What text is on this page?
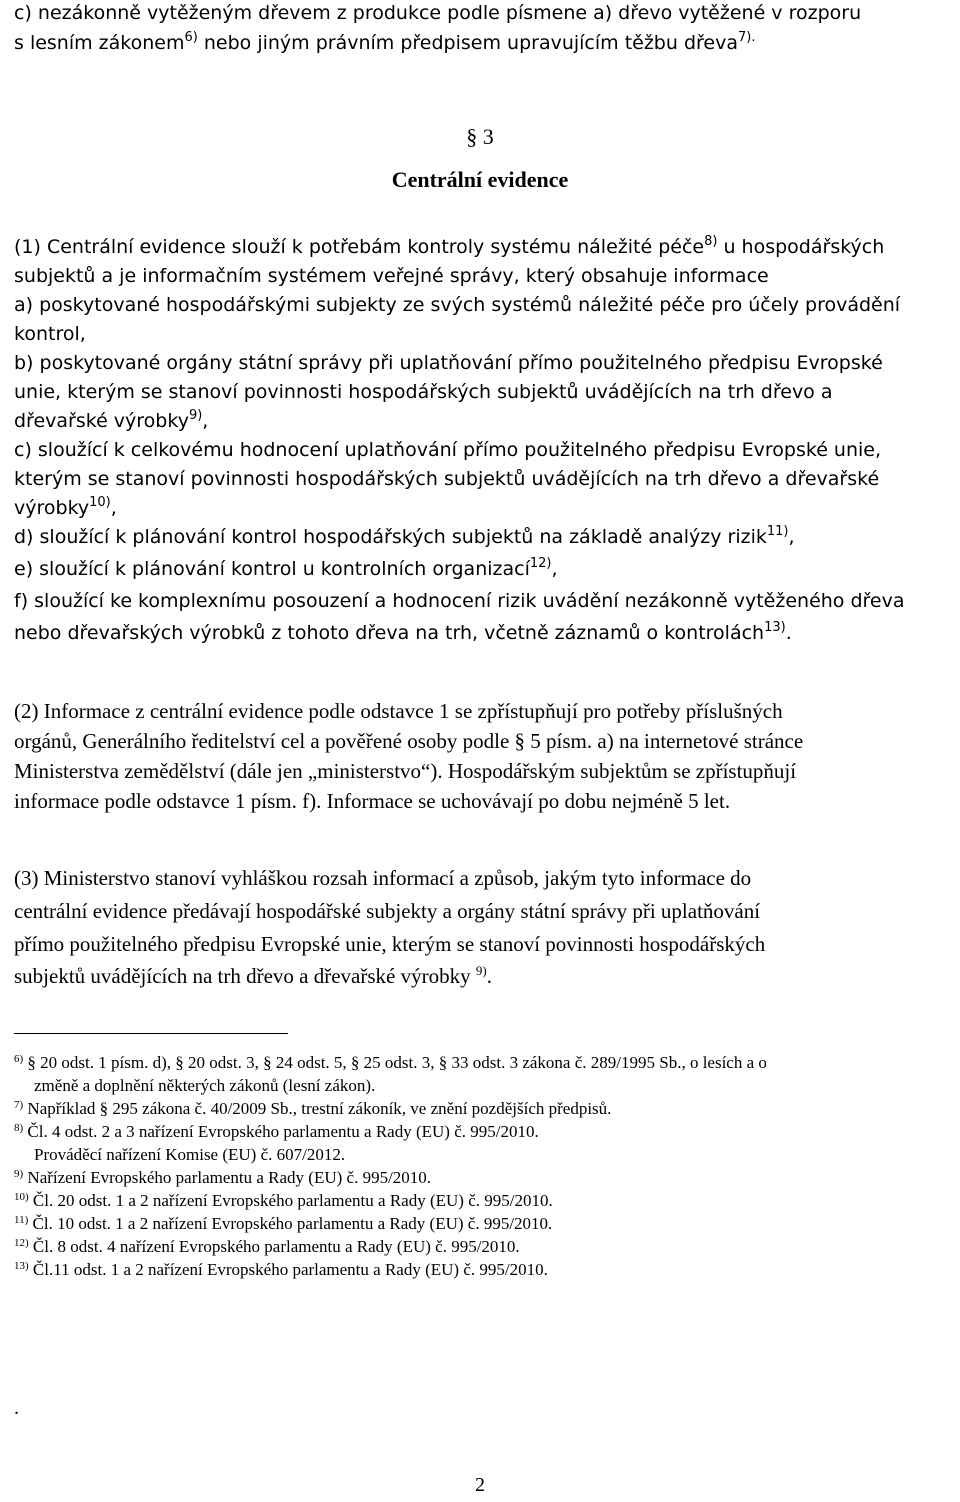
c) nezákonně vytěženým dřevem z produkce podle písmene a) dřevo vytěžené v rozporu
s lesním zákonem$^{6)}$ nebo jiným právním předpisem upravujícím těžbu dřeva$^{7).}$
§ 3
Centrální evidence
(1) Centrální evidence slouží k potřebám kontroly systému náležité péče$^{8)}$ u hospodářských
subjektů a je informačním systémem veřejné správy, který obsahuje informace
a) poskytované hospodářskými subjekty ze svých systémů náležité péče pro účely provádění
kontrol,
b) poskytované orgány státní správy při uplatňování přímo použitelného předpisu Evropské
unie, kterým se stanoví povinnosti hospodářských subjektů uvádějících na trh dřevo a
dřevařské výrobky$^{9)}$,
c) sloužící k celkovému hodnocení uplatňování přímo použitelného předpisu Evropské unie,
kterým se stanoví povinnosti hospodářských subjektů uvádějících na trh dřevo a dřevařské
výrobky$^{10)}$,
d) sloužící k plánování kontrol hospodářských subjektů na základě analýzy rizik$^{11)}$,
e) sloužící k plánování kontrol u kontrolních organizací$^{12)}$,
f) sloužící ke komplexnímu posouzení a hodnocení rizik uvádění nezákonně vytěženého dřeva
nebo dřevařských výrobků z tohoto dřeva na trh, včetně záznamů o kontrolách$^{13)}$.
(2) Informace z centrální evidence podle odstavce 1 se zpřístupňují pro potřeby příslušných
orgánů, Generálního ředitelství cel a pověřené osoby podle § 5 písm. a) na internetové stránce
Ministerstva zemědělství (dále jen „ministerstvo“). Hospodářským subjektům se zpřístupňují
informace podle odstavce 1 písm. f). Informace se uchovávají po dobu nejméně 5 let.
(3) Ministerstvo stanoví vyhláškou rozsah informací a způsob, jakým tyto informace do
centrální evidence předávají hospodářské subjekty a orgány státní správy při uplatňování
přímo použitelného předpisu Evropské unie, kterým se stanoví povinnosti hospodářských
subjektů uvádějících na trh dřevo a dřevařské výrobky $^{9)}$.
$^{6)}$ § 20 odst. 1 písm. d), § 20 odst. 3, § 24 odst. 5, § 25 odst. 3, § 33 odst. 3 zákona č. 289/1995 Sb., o lesích a o
změně a doplnění některých zákonů (lesní zákon).
$^{7)}$ Například § 295 zákona č. 40/2009 Sb., trestní zákoník, ve znění pozdějších předpisů.
$^{8)}$ Čl. 4 odst. 2 a 3 nařízení Evropského parlamentu a Rady (EU) č. 995/2010.
Prováděcí nařízení Komise (EU) č. 607/2012.
$^{9)}$ Nařízení Evropského parlamentu a Rady (EU) č. 995/2010.
$^{10)}$ Čl. 20 odst. 1 a 2 nařízení Evropského parlamentu a Rady (EU) č. 995/2010.
$^{11)}$ Čl. 10 odst. 1 a 2 nařízení Evropského parlamentu a Rady (EU) č. 995/2010.
$^{12)}$ Čl. 8 odst. 4 nařízení Evropského parlamentu a Rady (EU) č. 995/2010.
$^{13)}$ Čl.11 odst. 1 a 2 nařízení Evropského parlamentu a Rady (EU) č. 995/2010.
.
2
